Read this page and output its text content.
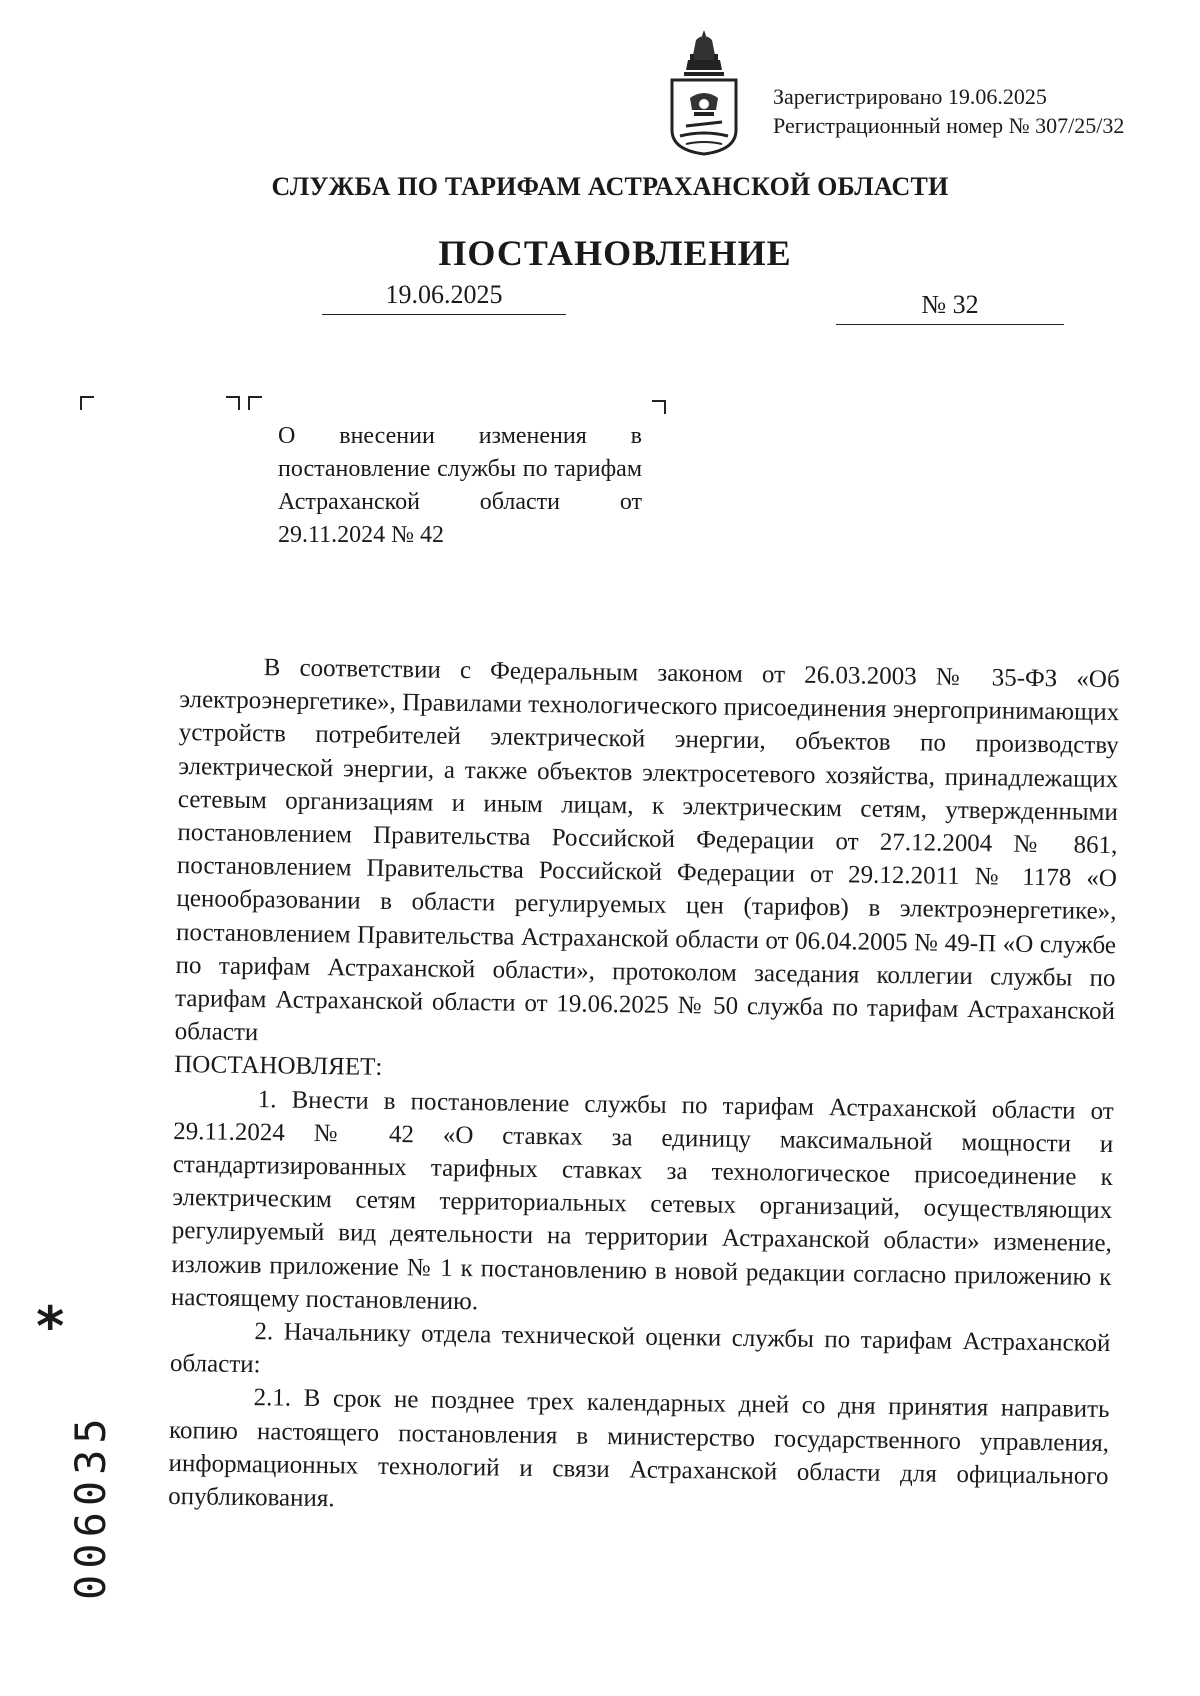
Зарегистрировано 19.06.2025
Регистрационный номер № 307/25/32
СЛУЖБА ПО ТАРИФАМ АСТРАХАНСКОЙ ОБЛАСТИ
ПОСТАНОВЛЕНИЕ
19.06.2025	№ 32
О внесении изменения в постановление службы по тарифам Астраханской области от 29.11.2024 № 42

В соответствии с Федеральным законом от 26.03.2003 № 35-ФЗ «Об электроэнергетике», Правилами технологического присоединения энергопринимающих устройств потребителей электрической энергии, объектов по производству электрической энергии, а также объектов электросетевого хозяйства, принадлежащих сетевым организациям и иным лицам, к электрическим сетям, утвержденными постановлением Правительства Российской Федерации от 27.12.2004 № 861, постановлением Правительства Российской Федерации от 29.12.2011 № 1178 «О ценообразовании в области регулируемых цен (тарифов) в электроэнергетике», постановлением Правительства Астраханской области от 06.04.2005 № 49-П «О службе по тарифам Астраханской области», протоколом заседания коллегии службы по тарифам Астраханской области от 19.06.2025 № 50 служба по тарифам Астраханской области

ПОСТАНОВЛЯЕТ:

1. Внести в постановление службы по тарифам Астраханской области от 29.11.2024 № 42 «О ставках за единицу максимальной мощности и стандартизированных тарифных ставках за технологическое присоединение к электрическим сетям территориальных сетевых организаций, осуществляющих регулируемый вид деятельности на территории Астраханской области» изменение, изложив приложение № 1 к постановлению в новой редакции согласно приложению к настоящему постановлению.

2. Начальнику отдела технической оценки службы по тарифам Астраханской области:

2.1. В срок не позднее трех календарных дней со дня принятия направить копию настоящего постановления в министерство государственного управления, информационных технологий и связи Астраханской области для официального опубликования.

*
006035
